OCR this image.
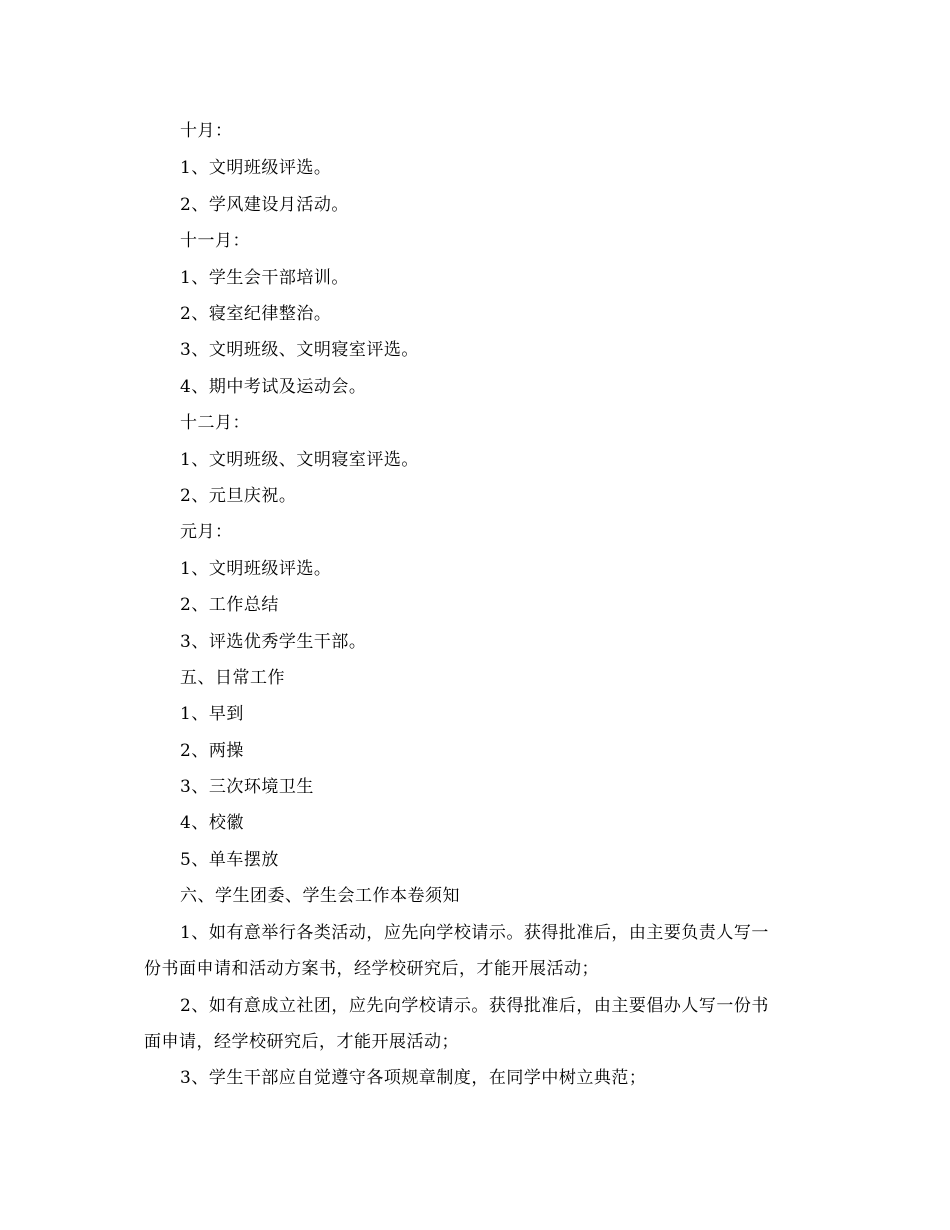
十月：
1、文明班级评选。
2、学风建设月活动。
十一月：
1、学生会干部培训。
2、寝室纪律整治。
3、文明班级、文明寝室评选。
4、期中考试及运动会。
十二月：
1、文明班级、文明寝室评选。
2、元旦庆祝。
元月：
1、文明班级评选。
2、工作总结
3、评选优秀学生干部。
五、日常工作
1、早到
2、两操
3、三次环境卫生
4、校徽
5、单车摆放
六、学生团委、学生会工作本卷须知
1、如有意举行各类活动，应先向学校请示。获得批准后，由主要负责人写一
份书面申请和活动方案书，经学校研究后，才能开展活动；
2、如有意成立社团，应先向学校请示。获得批准后，由主要倡办人写一份书
面申请，经学校研究后，才能开展活动；
3、学生干部应自觉遵守各项规章制度，在同学中树立典范；
